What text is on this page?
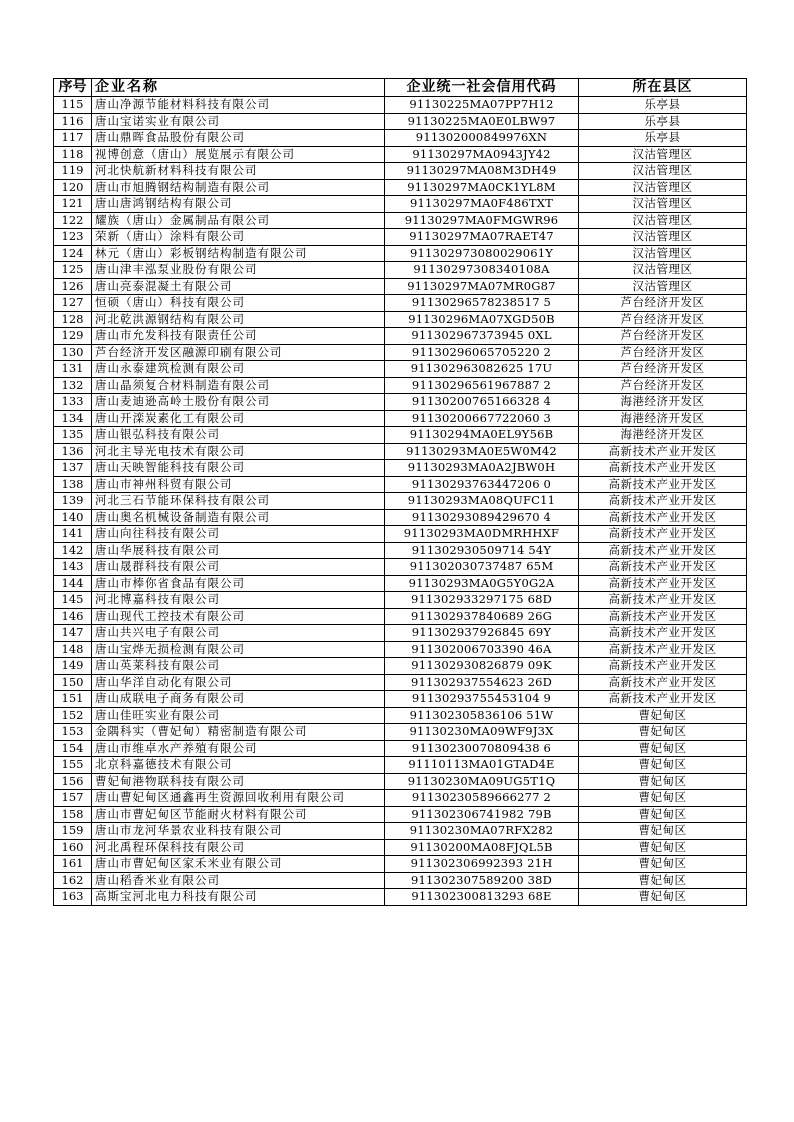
序号	企业名称	企业统一社会信用代码	所在县区
115	唐山净源节能材料科技有限公司	91130225MA07PP7H12	乐亭县
116	唐山宝诺实业有限公司	91130225MA0E0LBW97	乐亭县
117	唐山鼎晖食品股份有限公司	911302000849976XN	乐亭县
118	视博创意（唐山）展览展示有限公司	91130297MA0943JY42	汉沽管理区
119	河北快航新材料科技有限公司	91130297MA08M3DH49	汉沽管理区
120	唐山市旭腾钢结构制造有限公司	91130297MA0CK1YL8M	汉沽管理区
121	唐山唐鸿钢结构有限公司	91130297MA0F486TXT	汉沽管理区
122	耀族（唐山）金属制品有限公司	91130297MA0FMGWR96	汉沽管理区
123	荣新（唐山）涂料有限公司	91130297MA07RAET47	汉沽管理区
124	林元（唐山）彩板钢结构制造有限公司	911302973080029061Y	汉沽管理区
125	唐山津丰泓泵业股份有限公司	91130297308340108A	汉沽管理区
126	唐山亮泰混凝土有限公司	91130297MA07MR0G87	汉沽管理区
127	恒硕（唐山）科技有限公司	91130296578238517 5	芦台经济开发区
128	河北乾洪源钢结构有限公司	91130296MA07XGD50B	芦台经济开发区
129	唐山市允发科技有限责任公司	911302967373945 0XL	芦台经济开发区
130	芦台经济开发区融源印刷有限公司	91130296065705220 2	芦台经济开发区
131	唐山永泰建筑检测有限公司	911302963082625 17U	芦台经济开发区
132	唐山晶须复合材料制造有限公司	91130296561967887 2	芦台经济开发区
133	唐山麦迪逊高岭土股份有限公司	91130200765166328 4	海港经济开发区
134	唐山开滦炭素化工有限公司	91130200667722060 3	海港经济开发区
135	唐山银弘科技有限公司	91130294MA0EL9Y56B	海港经济开发区
136	河北主导光电技术有限公司	91130293MA0E5W0M42	高新技术产业开发区
137	唐山天映智能科技有限公司	91130293MA0A2JBW0H	高新技术产业开发区
138	唐山市神州科贸有限公司	91130293763447206 0	高新技术产业开发区
139	河北三石节能环保科技有限公司	91130293MA08QUFC11	高新技术产业开发区
140	唐山奥名机械设备制造有限公司	91130293089429670 4	高新技术产业开发区
141	唐山向往科技有限公司	91130293MA0DMRHHXF	高新技术产业开发区
142	唐山华展科技有限公司	911302930509714 54Y	高新技术产业开发区
143	唐山晟群科技有限公司	911302030737487 65M	高新技术产业开发区
144	唐山市棒你省食品有限公司	91130293MA0G5Y0G2A	高新技术产业开发区
145	河北博嘉科技有限公司	911302933297175 68D	高新技术产业开发区
146	唐山现代工控技术有限公司	911302937840689 26G	高新技术产业开发区
147	唐山共兴电子有限公司	911302937926845 69Y	高新技术产业开发区
148	唐山宝烨无损检测有限公司	911302006703390 46A	高新技术产业开发区
149	唐山英莱科技有限公司	911302930826879 09K	高新技术产业开发区
150	唐山华洋自动化有限公司	911302937554623 26D	高新技术产业开发区
151	唐山成联电子商务有限公司	91130293755453104 9	高新技术产业开发区
152	唐山佳旺实业有限公司	911302305836106 51W	曹妃甸区
153	金隅科实（曹妃甸）精密制造有限公司	91130230MA09WF9J3X	曹妃甸区
154	唐山市维卓水产养殖有限公司	91130230070809438 6	曹妃甸区
155	北京科嘉德技术有限公司	91110113MA01GTAD4E	曹妃甸区
156	曹妃甸港物联科技有限公司	91130230MA09UG5T1Q	曹妃甸区
157	唐山曹妃甸区通鑫再生资源回收利用有限公司	91130230589666277 2	曹妃甸区
158	唐山市曹妃甸区节能耐火材料有限公司	911302306741982 79B	曹妃甸区
159	唐山市龙河华景农业科技有限公司	91130230MA07RFX282	曹妃甸区
160	河北禹程环保科技有限公司	91130200MA08FJQL5B	曹妃甸区
161	唐山市曹妃甸区家禾米业有限公司	911302306992393 21H	曹妃甸区
162	唐山稻香米业有限公司	911302307589200 38D	曹妃甸区
163	高斯宝河北电力科技有限公司	911302300813293 68E	曹妃甸区
